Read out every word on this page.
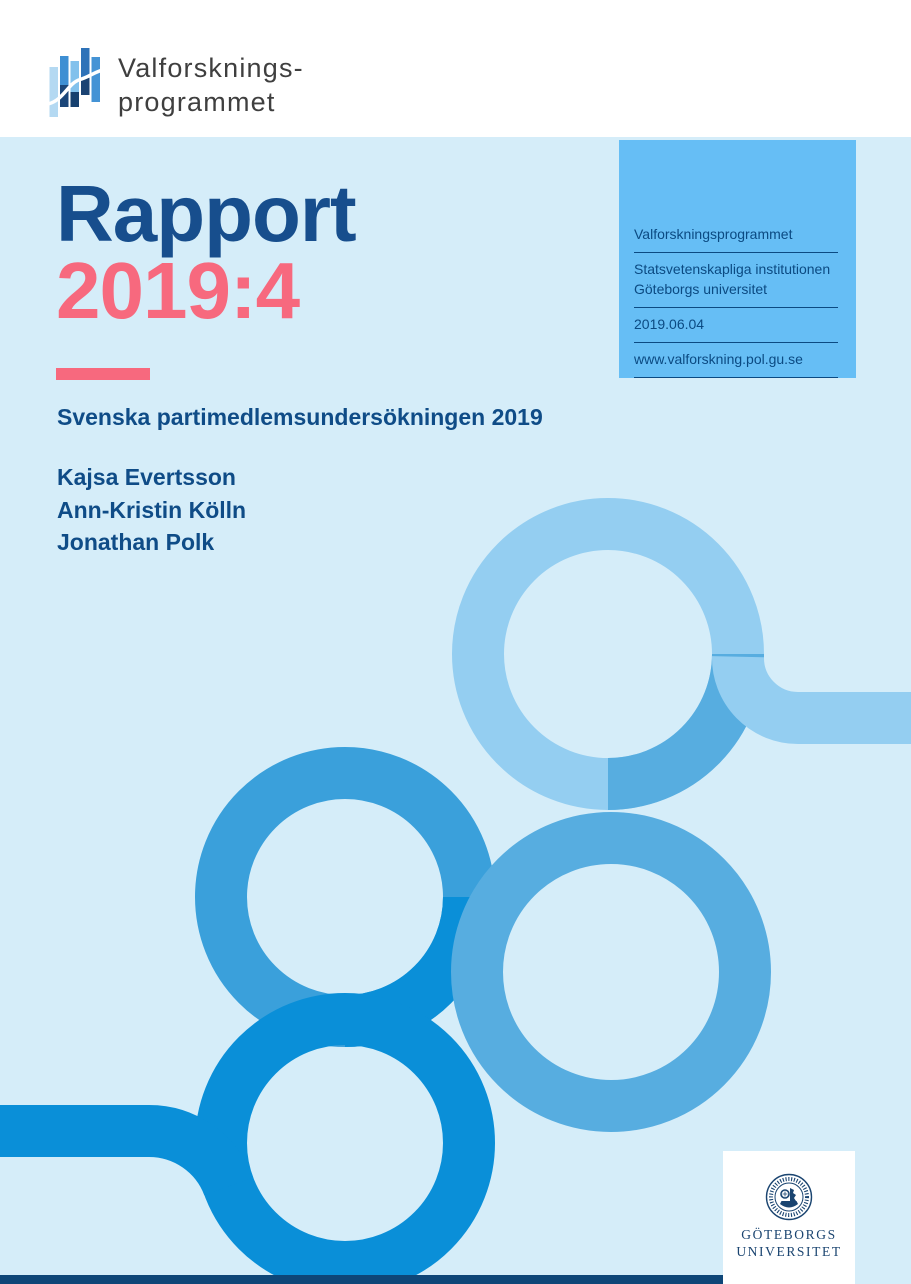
Valforsknings-
programmet
Rapport
2019:4
Svenska partimedlemsundersökningen 2019
Kajsa Evertsson
Ann-Kristin Kölln
Jonathan Polk
Valforskningsprogrammet
Statsvetenskapliga institutionen
Göteborgs universitet
2019.06.04
www.valforskning.pol.gu.se
GÖTEBORGS
UNIVERSITET
